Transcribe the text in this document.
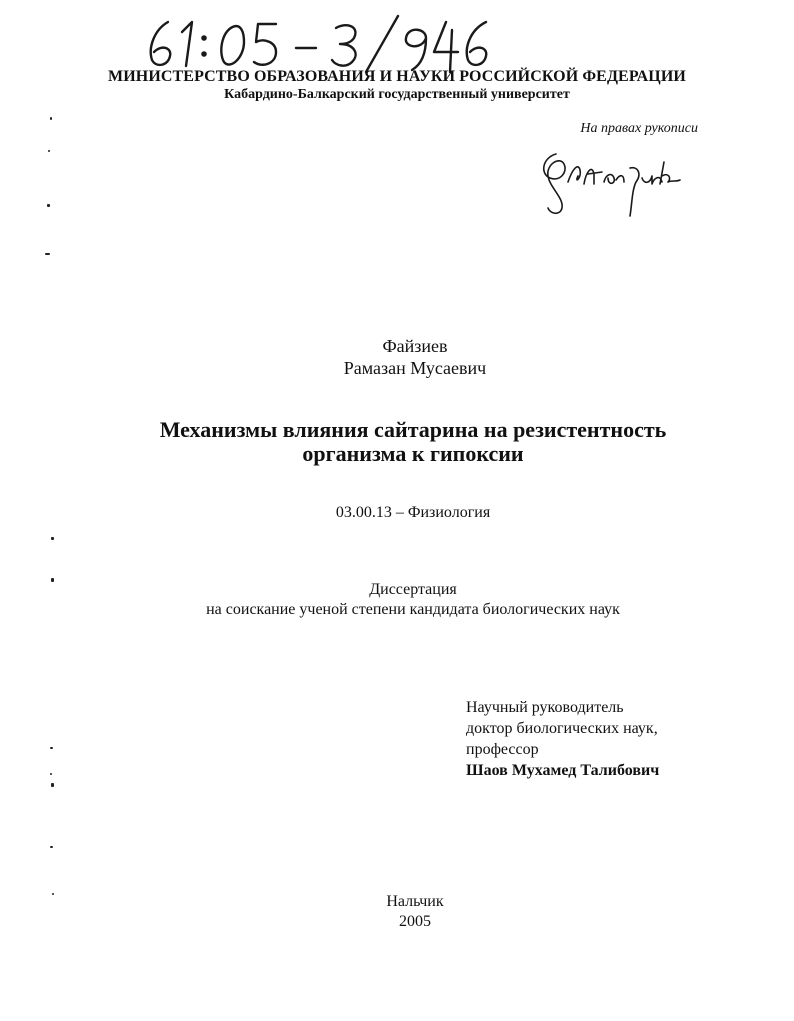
МИНИСТЕРСТВО ОБРАЗОВАНИЯ И НАУКИ РОССИЙСКОЙ ФЕДЕРАЦИИ
Кабардино-Балкарский государственный университет
На правах рукописи
Файзиев
Рамазан Мусаевич
Механизмы влияния сайтарина на резистентность
организма к гипоксии
03.00.13 – Физиология
Диссертация
на соискание ученой степени кандидата биологических наук
Научный руководитель
доктор биологических наук,
профессор
Шаов Мухамед Талибович
Нальчик
2005
